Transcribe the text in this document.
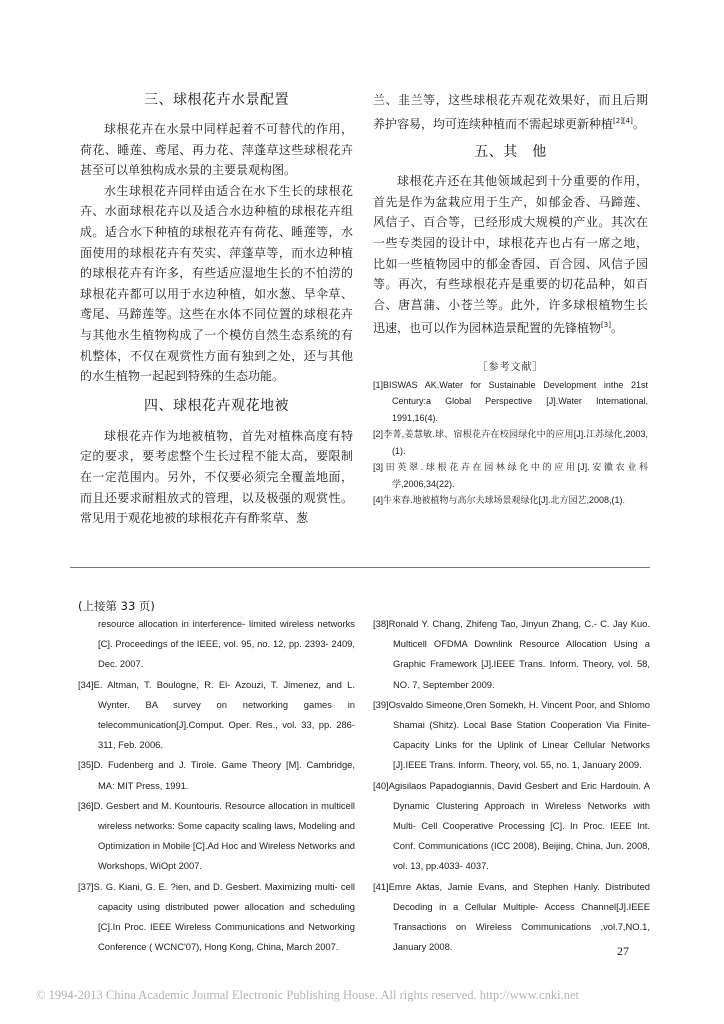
三、球根花卉水景配置

球根花卉在水景中同样起着不可替代的作用，荷花、睡莲、鸢尾、再力花、萍蓬草这些球根花卉甚至可以单独构成水景的主要景观构图。

水生球根花卉同样由适合在水下生长的球根花卉、水面球根花卉以及适合水边种植的球根花卉组成。适合水下种植的球根花卉有荷花、睡莲等，水面使用的球根花卉有芡实、萍蓬草等，而水边种植的球根花卉有许多，有些适应湿地生长的不怕涝的球根花卉都可以用于水边种植，如水葱、旱伞草、鸢尾、马蹄莲等。这些在水体不同位置的球根花卉与其他水生植物构成了一个模仿自然生态系统的有机整体，不仅在观赏性方面有独到之处，还与其他的水生植物一起起到特殊的生态功能。

四、球根花卉观花地被

球根花卉作为地被植物，首先对植株高度有特定的要求，要考虑整个生长过程不能太高，要限制在一定范围内。另外，不仅要必须完全覆盖地面，而且还要求耐粗放式的管理，以及极强的观赏性。常见用于观花地被的球根花卉有酢浆草、葱

兰、韭兰等，这些球根花卉观花效果好，而且后期养护容易，均可连续种植而不需起球更新种植[2][4]。

五、其　他

球根花卉还在其他领域起到十分重要的作用，首先是作为盆栽应用于生产，如郁金香、马蹄莲、风信子、百合等，已经形成大规模的产业。其次在一些专类园的设计中，球根花卉也占有一席之地，比如一些植物园中的郁金香园、百合园、风信子园等。再次，有些球根花卉是重要的切花品种，如百合、唐菖蒲、小苍兰等。此外，许多球根植物生长迅速，也可以作为园林造景配置的先锋植物[3]。

［参考文献］

[1]BISWAS AK.Water for Sustainable Development inthe 21st Century:a Global Perspective [J].Water International, 1991,16(4).

[2]李菁,姜慧敏.球、宿根花卉在校园绿化中的应用[J].江苏绿化,2003,(1).

[3]田英翠.球根花卉在园林绿化中的应用[J].安徽农业科学,2006,34(22).

[4]牛來春.地被植物与高尔夫球场景观绿化[J].北方园艺,2008,(1).

(上接第 33 页)

resource allocation in interference- limited wireless networks [C]. Proceedings of the IEEE, vol. 95, no. 12, pp. 2393- 2409, Dec. 2007.

[34]E. Altman, T. Boulogne, R. El- Azouzi, T. Jimenez, and L. Wynter. BA survey on networking games in telecommunication[J].Comput. Oper. Res., vol. 33, pp. 286- 311, Feb. 2006.

[35]D. Fudenberg and J. Tirole. Game Theory [M]. Cambridge, MA: MIT Press, 1991.

[36]D. Gesbert and M. Kountouris. Resource allocation in multicell wireless networks: Some capacity scaling laws, Modeling and Optimization in Mobile [C].Ad Hoc and Wireless Networks and Workshops, WiOpt 2007.

[37]S. G. Kiani, G. E. ?ien, and D. Gesbert. Maximizing multi- cell capacity using distributed power allocation and scheduling [C].In Proc. IEEE Wireless Communications and Networking Conference ( WCNC'07), Hong Kong, China, March 2007.

[38]Ronald Y. Chang, Zhifeng Tao, Jinyun Zhang, C.- C. Jay Kuo. Multicell OFDMA Downlink Resource Allocation Using a Graphic Framework [J].IEEE Trans. Inform. Theory, vol. 58, NO. 7, September 2009.

[39]Osvaldo Simeone,Oren Somekh, H. Vincent Poor, and Shlomo Shamai (Shitz). Local Base Station Cooperation Via Finite- Capacity Links for the Uplink of Linear Cellular Networks [J].IEEE Trans. Inform. Theory, vol. 55, no. 1, January 2009.

[40]Agisilaos Papadogiannis, David Gesbert and Eric Hardouin. A Dynamic Clustering Approach in Wireless Networks with Multi- Cell Cooperative Processing [C]. In Proc. IEEE Int. Conf. Communications (ICC 2008), Beijing, China, Jun. 2008, vol. 13, pp.4033- 4037.

[41]Emre Aktas, Jamie Evans, and Stephen Hanly. Distributed Decoding in a Cellular Multiple- Access Channel[J].IEEE Transactions on Wireless Communications ,vol.7,NO.1, January 2008.	27
© 1994-2013 China Academic Journal Electronic Publishing House. All rights reserved. http://www.cnki.net
